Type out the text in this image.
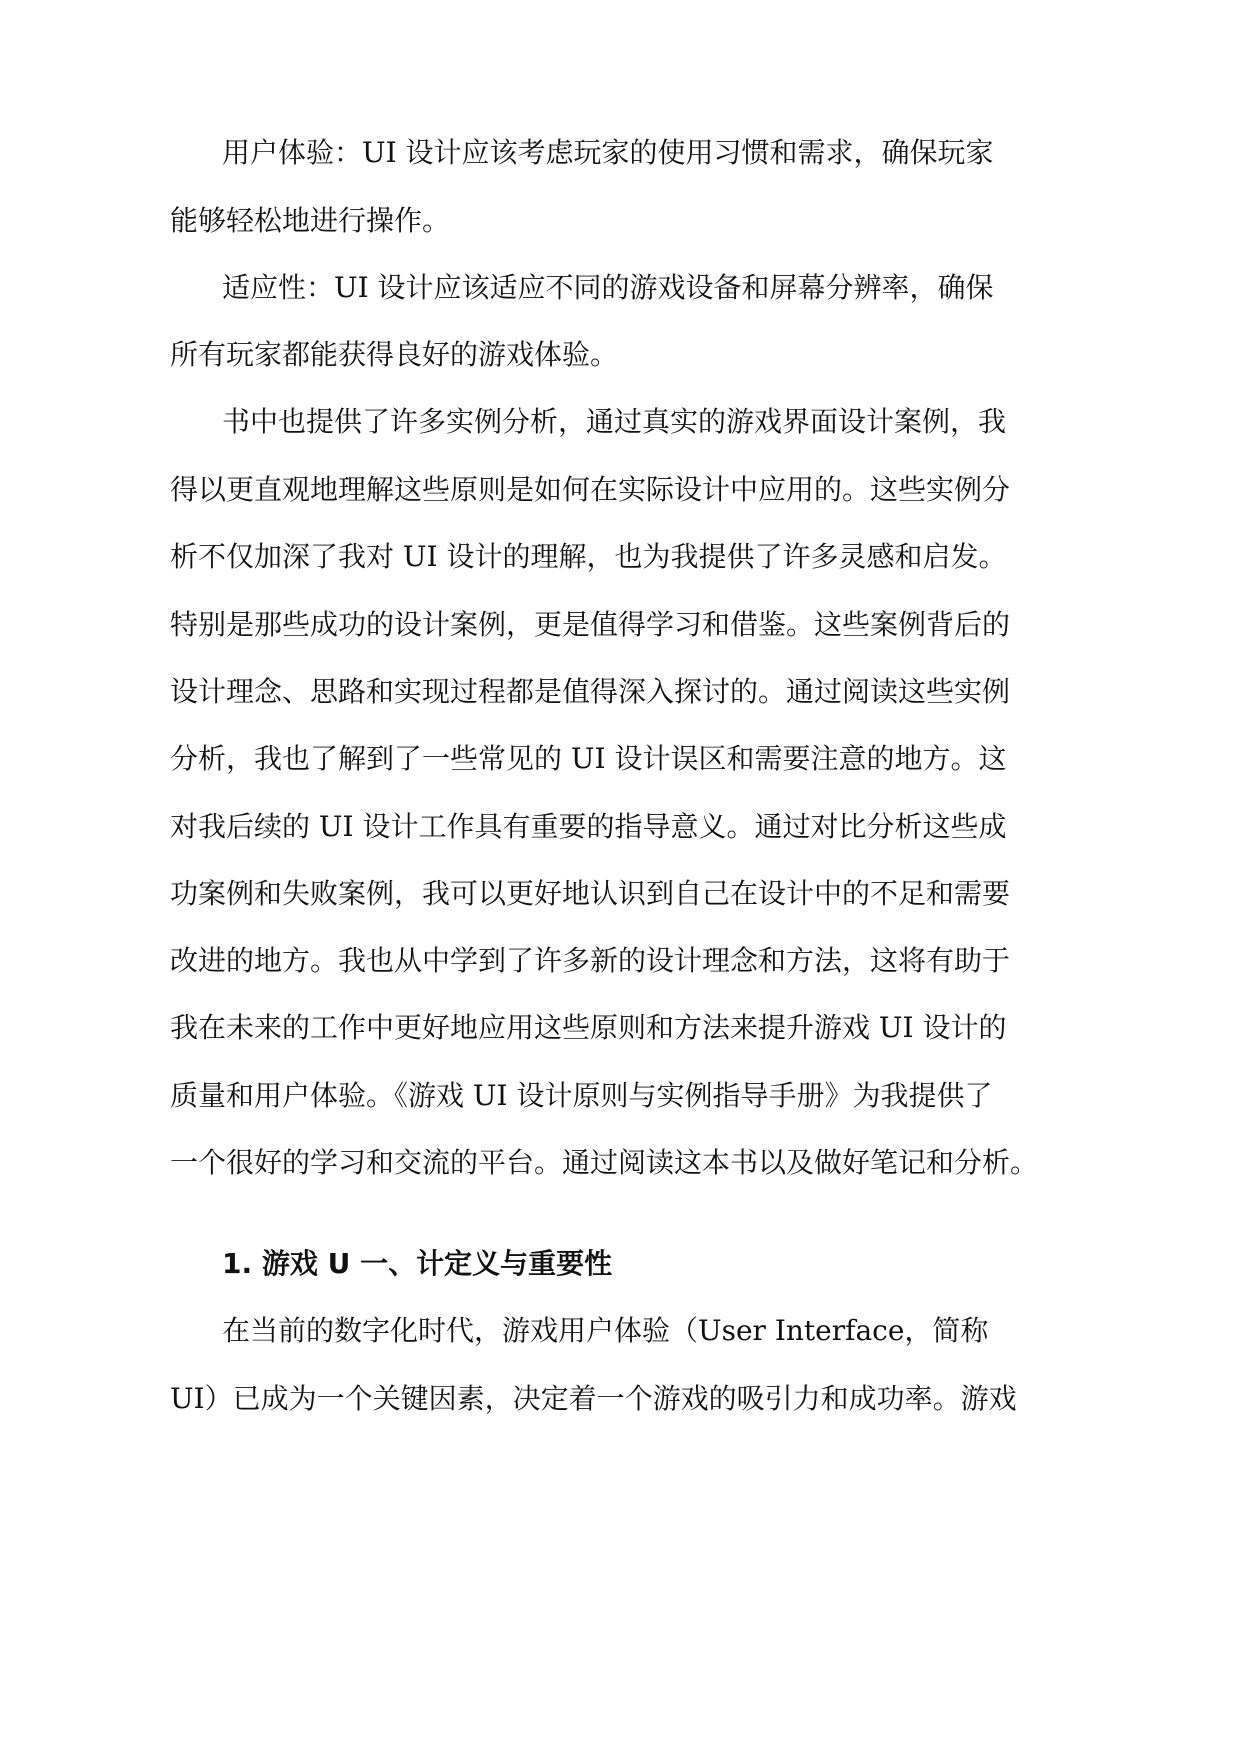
用户体验：UI 设计应该考虑玩家的使用习惯和需求，确保玩家
能够轻松地进行操作。
适应性：UI 设计应该适应不同的游戏设备和屏幕分辨率，确保
所有玩家都能获得良好的游戏体验。
书中也提供了许多实例分析，通过真实的游戏界面设计案例，我
得以更直观地理解这些原则是如何在实际设计中应用的。这些实例分
析不仅加深了我对 UI 设计的理解，也为我提供了许多灵感和启发。
特别是那些成功的设计案例，更是值得学习和借鉴。这些案例背后的
设计理念、思路和实现过程都是值得深入探讨的。通过阅读这些实例
分析，我也了解到了一些常见的 UI 设计误区和需要注意的地方。这
对我后续的 UI 设计工作具有重要的指导意义。通过对比分析这些成
功案例和失败案例，我可以更好地认识到自己在设计中的不足和需要
改进的地方。我也从中学到了许多新的设计理念和方法，这将有助于
我在未来的工作中更好地应用这些原则和方法来提升游戏 UI 设计的
质量和用户体验。《游戏 UI 设计原则与实例指导手册》为我提供了
一个很好的学习和交流的平台。通过阅读这本书以及做好笔记和分析。
1. 游戏 U 一、计定义与重要性
在当前的数字化时代，游戏用户体验（User Interface，简称
UI）已成为一个关键因素，决定着一个游戏的吸引力和成功率。游戏
